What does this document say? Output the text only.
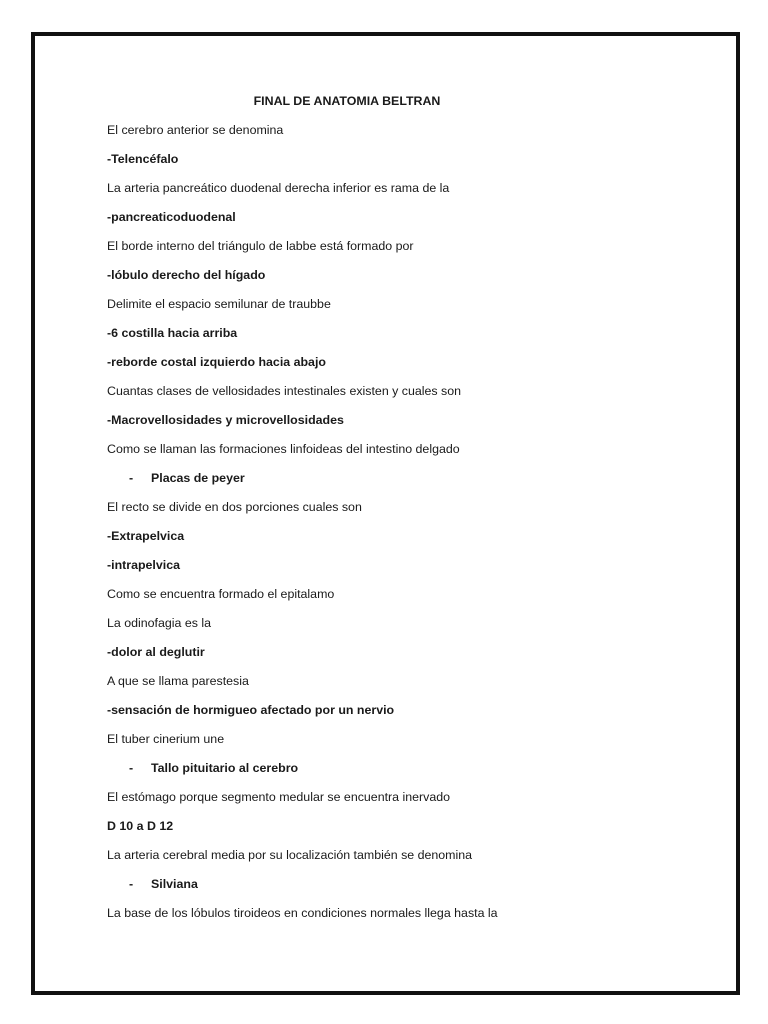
FINAL DE ANATOMIA BELTRAN
El cerebro anterior se denomina
-Telencéfalo
La arteria pancreático duodenal derecha inferior es rama de la
-pancreaticoduodenal
El borde interno del triángulo de labbe está formado por
-lóbulo derecho del hígado
Delimite el espacio semilunar de traubbe
-6 costilla hacia arriba
-reborde costal izquierdo hacia abajo
Cuantas clases de vellosidades intestinales existen y cuales son
-Macrovellosidades y microvellosidades
Como se llaman las formaciones linfoideas del intestino delgado
- Placas de peyer
El recto se divide en dos porciones cuales son
-Extrapelvica
-intrapelvica
Como se encuentra formado el epitalamo
La odinofagia es la
-dolor al deglutir
A que se llama parestesia
-sensación de hormigueo afectado por un nervio
El tuber cinerium une
- Tallo pituitario al cerebro
El estómago porque segmento medular se encuentra inervado
D 10 a D 12
La arteria cerebral media por su localización también se denomina
- Silviana
La base de los lóbulos tiroideos en condiciones normales llega hasta la
